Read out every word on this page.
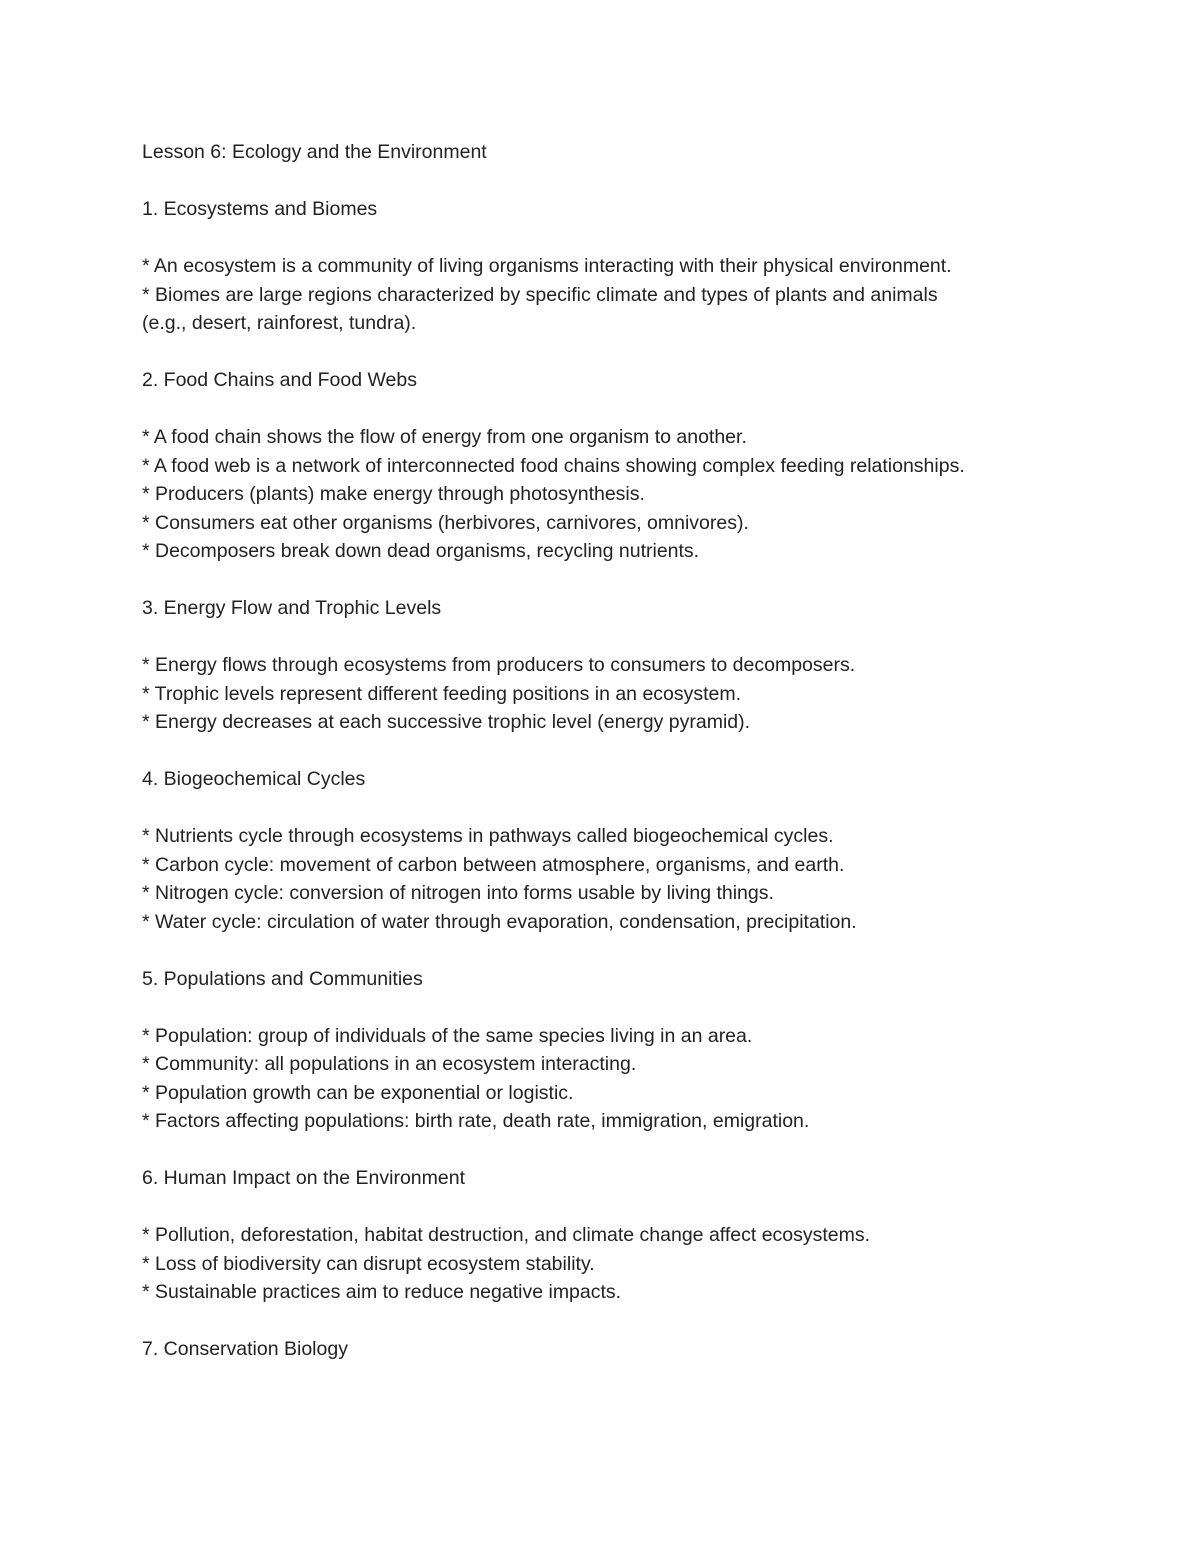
Lesson 6: Ecology and the Environment
1. Ecosystems and Biomes
* An ecosystem is a community of living organisms interacting with their physical environment.
* Biomes are large regions characterized by specific climate and types of plants and animals
(e.g., desert, rainforest, tundra).
2. Food Chains and Food Webs
* A food chain shows the flow of energy from one organism to another.
* A food web is a network of interconnected food chains showing complex feeding relationships.
* Producers (plants) make energy through photosynthesis.
* Consumers eat other organisms (herbivores, carnivores, omnivores).
* Decomposers break down dead organisms, recycling nutrients.
3. Energy Flow and Trophic Levels
* Energy flows through ecosystems from producers to consumers to decomposers.
* Trophic levels represent different feeding positions in an ecosystem.
* Energy decreases at each successive trophic level (energy pyramid).
4. Biogeochemical Cycles
* Nutrients cycle through ecosystems in pathways called biogeochemical cycles.
* Carbon cycle: movement of carbon between atmosphere, organisms, and earth.
* Nitrogen cycle: conversion of nitrogen into forms usable by living things.
* Water cycle: circulation of water through evaporation, condensation, precipitation.
5. Populations and Communities
* Population: group of individuals of the same species living in an area.
* Community: all populations in an ecosystem interacting.
* Population growth can be exponential or logistic.
* Factors affecting populations: birth rate, death rate, immigration, emigration.
6. Human Impact on the Environment
* Pollution, deforestation, habitat destruction, and climate change affect ecosystems.
* Loss of biodiversity can disrupt ecosystem stability.
* Sustainable practices aim to reduce negative impacts.
7. Conservation Biology
